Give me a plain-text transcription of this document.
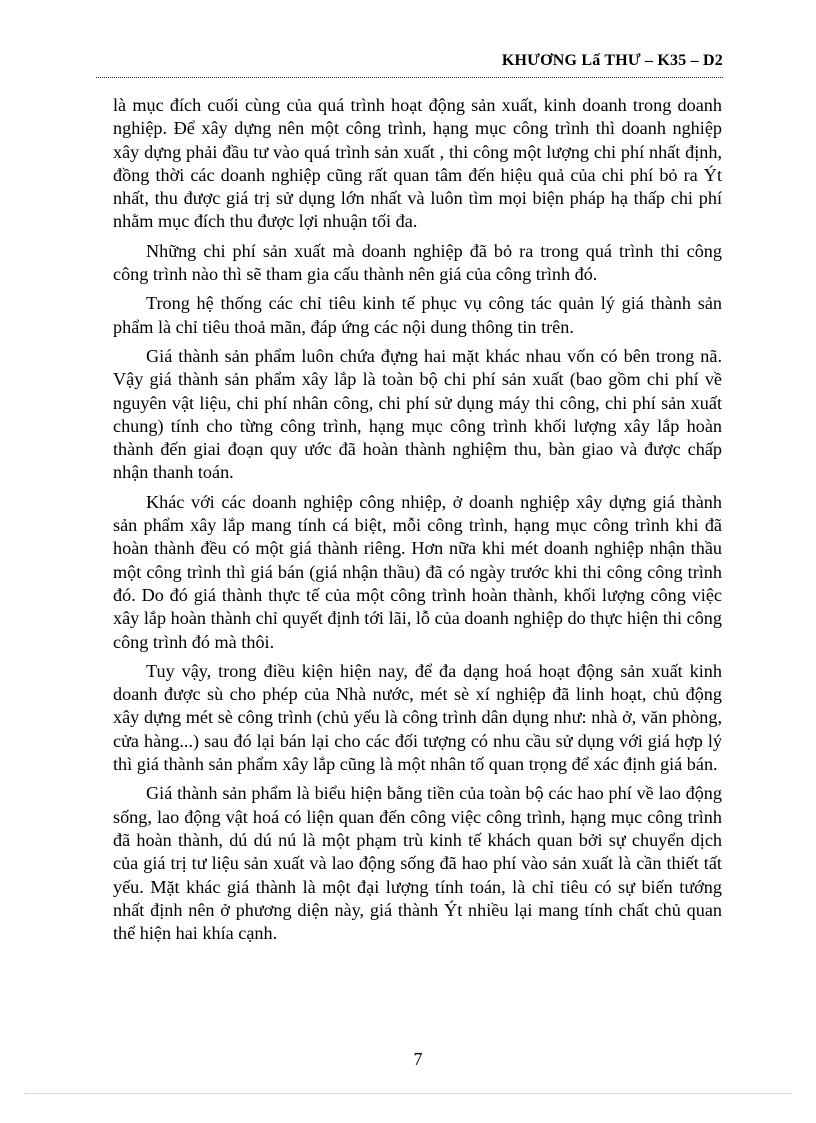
KHƯƠNG Lấ THƯ – K35 – D2

là mục đích cuối cùng của quá trình hoạt động sản xuất, kinh doanh trong doanh nghiệp. Để xây dựng nên một công trình, hạng mục công trình thì doanh nghiệp xây dựng phải đầu tư vào quá trình sản xuất , thi công một lượng chi phí nhất định, đồng thời các doanh nghiệp cũng rất quan tâm đến hiệu quả của chi phí bỏ ra Ýt nhất, thu được giá trị sử dụng lớn nhất và luôn tìm mọi biện pháp hạ thấp chi phí nhằm mục đích thu được lợi nhuận tối đa.

Những chi phí sản xuất mà doanh nghiệp đã bỏ ra trong quá trình thi công công trình nào thì sẽ tham gia cấu thành nên giá của công trình đó.

Trong hệ thống các chỉ tiêu kinh tế phục vụ công tác quản lý giá thành sản phẩm là chỉ tiêu thoả mãn, đáp ứng các nội dung thông tin trên.

Giá thành sản phẩm luôn chứa đựng hai mặt khác nhau vốn có bên trong nã. Vậy giá thành sản phẩm xây lắp là toàn bộ chi phí sản xuất (bao gồm chi phí về nguyên vật liệu, chi phí nhân công, chi phí sử dụng máy thi công, chi phí sản xuất chung) tính cho từng công trình, hạng mục công trình khối lượng xây lắp hoàn thành đến giai đoạn quy ước đã hoàn thành nghiệm thu, bàn giao và được chấp nhận thanh toán.

Khác với các doanh nghiệp công nhiệp, ở doanh nghiệp xây dựng giá thành sản phẩm xây lắp mang tính cá biệt, mỗi công trình, hạng mục công trình khi đã hoàn thành đều có một giá thành riêng. Hơn nữa khi mét doanh nghiệp nhận thầu một công trình thì giá bán (giá nhận thầu) đã có ngày trước khi thi công công trình đó. Do đó giá thành thực tế của một công trình hoàn thành, khối lượng công việc xây lắp hoàn thành chỉ quyết định tới lãi, lỗ của doanh nghiệp do thực hiện thi công công trình đó mà thôi.

Tuy vậy, trong điều kiện hiện nay, để đa dạng hoá hoạt động sản xuất kinh doanh được sù cho phép của Nhà nước, mét sè xí nghiệp đã linh hoạt, chủ động xây dựng mét sè công trình (chủ yếu là công trình dân dụng như: nhà ở, văn phòng, cửa hàng...) sau đó lại bán lại cho các đối tượng có nhu cầu sử dụng với giá hợp lý thì giá thành sản phẩm xây lắp cũng là một nhân tố quan trọng để xác định giá bán.

Giá thành sản phẩm là biểu hiện bằng tiền của toàn bộ các hao phí về lao động sống, lao động vật hoá có liện quan đến công việc công trình, hạng mục công trình đã hoàn thành, dú dú nú là một phạm trù kinh tế khách quan bởi sự chuyển dịch của giá trị tư liệu sản xuất và lao động sống đã hao phí vào sản xuất là cần thiết tất yếu. Mặt khác giá thành là một đại lượng tính toán, là chỉ tiêu có sự biến tướng nhất định nên ở phương diện này, giá thành Ýt nhiều lại mang tính chất chủ quan thể hiện hai khía cạnh.

7
